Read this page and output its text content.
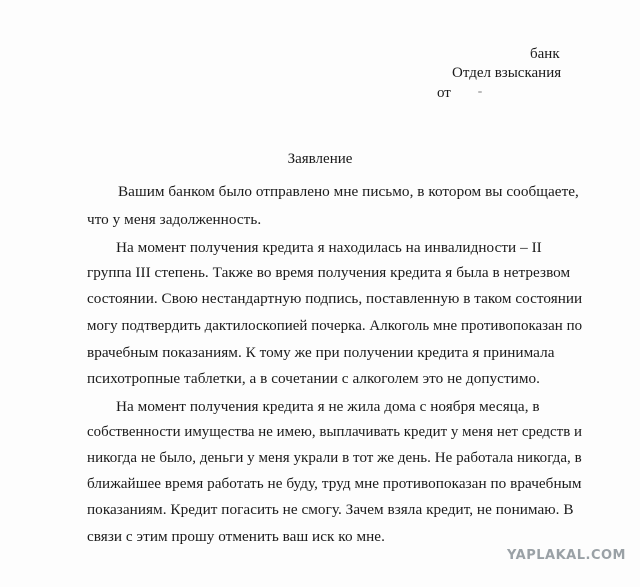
банк
Отдел взыскания
от
Заявление
Вашим банком было отправлено мне письмо, в котором вы сообщаете,
что у меня задолженность.
На момент получения кредита я находилась на инвалидности – II
группа III степень. Также во время получения кредита я была в нетрезвом
состоянии. Свою нестандартную подпись, поставленную в таком состоянии
могу подтвердить дактилоскопией почерка. Алкоголь мне противопоказан по
врачебным показаниям. К тому же при получении кредита я принимала
психотропные таблетки, а в сочетании с алкоголем это не допустимо.
На момент получения кредита я не жила дома с ноября месяца, в
собственности имущества не имею, выплачивать кредит у меня нет средств и
никогда не было, деньги у меня украли в тот же день. Не работала никогда, в
ближайшее время работать не буду, труд мне противопоказан по врачебным
показаниям. Кредит погасить не смогу. Зачем взяла кредит, не понимаю. В
связи с этим прошу отменить ваш иск ко мне.
YAPLAKAL.COM
